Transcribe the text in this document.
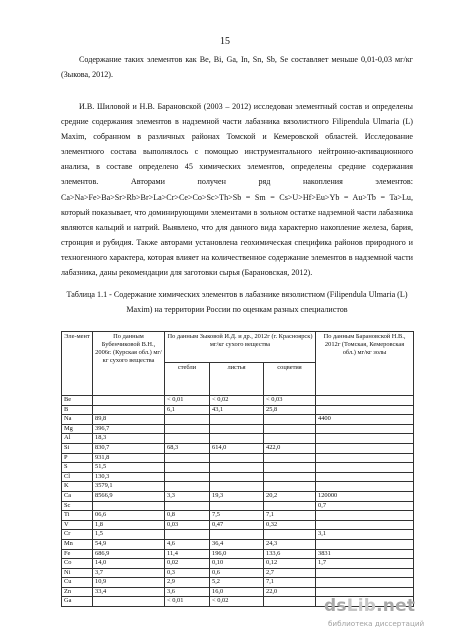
15

Содержание таких элементов как Be, Bi, Ga, In, Sn, Sb, Se составляет меньше 0,01-0,03 мг/кг (Зыкова, 2012).

И.В. Шиловой и Н.В. Барановской (2003 – 2012) исследован элементный состав и определены средние содержания элементов в надземной части лабазника вязолистного Filipendula Ulmaria (L) Maxim, собранном в различных районах Томской и Кемеровской областей. Исследование элементного состава выполнялось с помощью инструментального нейтронно-активационного анализа, в составе определено 45 химических элементов, определены средние содержания элементов. Авторами получен ряд накопления элементов: Ca>Na>Fe>Ba>Sr>Rb>Br>La>Cr>Ce>Co>Sc>Th>Sb = Sm = Cs>U>Hf>Eu>Yb = Au>Tb = Ta>Lu, который показывает, что доминирующими элементами в зольном остатке надземной части лабазника являются кальций и натрий. Выявлено, что для данного вида характерно накопление железа, бария, стронция и рубидия. Также авторами установлена геохимическая специфика районов природного и техногенного характера, которая влияет на количественное содержание элементов в надземной части лабазника, даны рекомендации для заготовки сырья (Барановская, 2012).

Таблица 1.1 - Содержание химических элементов в лабазнике вязолистном (Filipendula Ulmaria (L) Maxim) на территории России по оценкам разных специалистов

Эле-мент	По данным Бубенчиковой В.Н., 2006г. (Курская обл.) мг/кг сухого вещества	По данным Зыковой И.Д. и др., 2012г (г. Красноярск) мг/кг сухого вещества			По данным Барановской Н.В., 2012г (Томская, Кемеровская обл.) мг/кг золы
		стебли	листья	соцветия	
Be		< 0,01	< 0,02	< 0,03	
B		6,1	43,1	25,8	
Na	89,8				4400
Mg	396,7				
Al	18,3				
Si	830,7	68,3	614,0	422,0	
P	931,8				
S	51,5				
Cl	130,3				
K	3579,1				
Ca	8566,9	3,3	19,3	20,2	120000
Sc					0,7
Ti	06,6	0,8	7,5	7,1	
V	1,8	0,03	0,47	0,32	
Cr	1,5				3,1
Mn	54,9	4,6	36,4	24,3	
Fe	686,9	11,4	196,0	133,6	3831
Co	14,0	0,02	0,10	0,12	1,7
Ni	3,7	0,3	0,6	2,7	
Cu	10,9	2,9	5,2	7,1	
Zn	33,4	3,6	16,0	22,0	
Ga		< 0,01	< 0,02			dsLib.net
библиотека диссертаций
